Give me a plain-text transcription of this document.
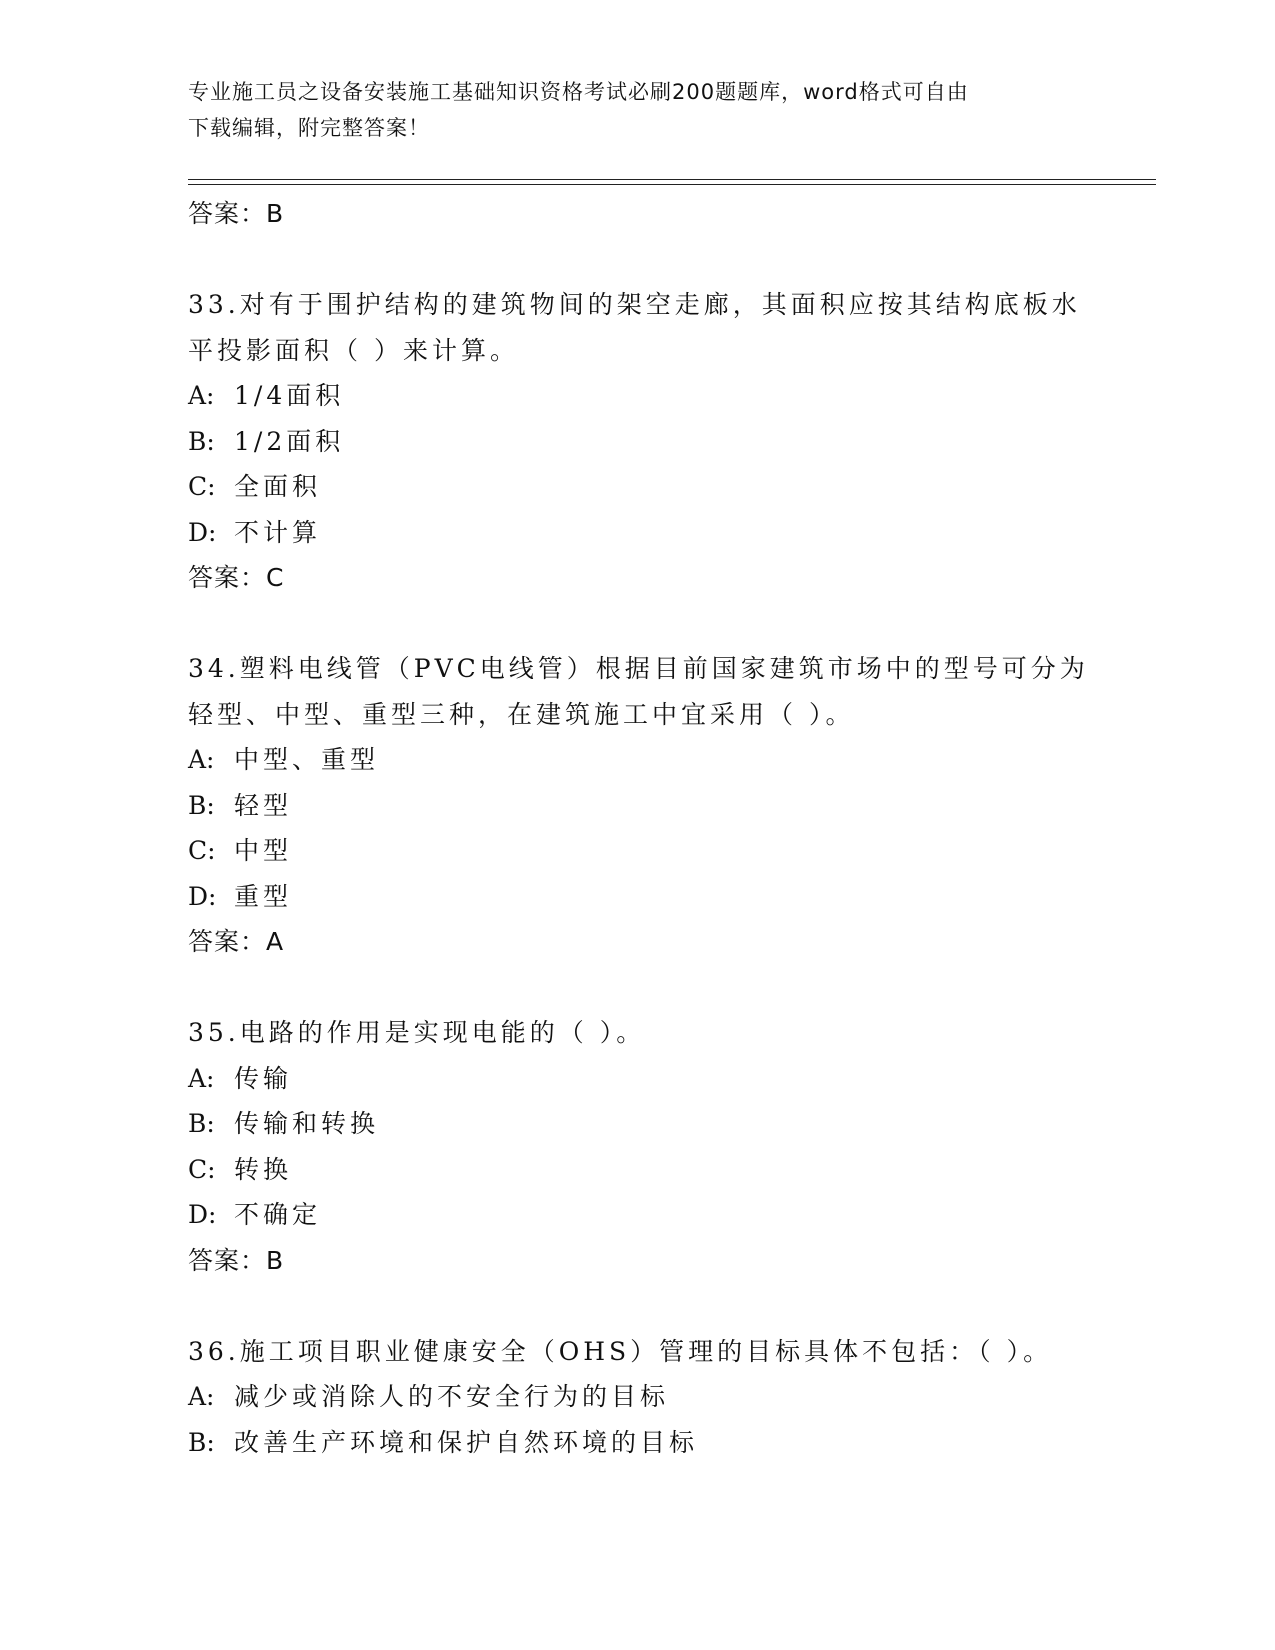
专业施工员之设备安装施工基础知识资格考试必刷200题题库，word格式可自由
下载编辑，附完整答案！
答案：B
33.对有于围护结构的建筑物间的架空走廊，其面积应按其结构底板水平投影面积（ ）来计算。
A: 1/4面积
B: 1/2面积
C: 全面积
D: 不计算
答案：C
34.塑料电线管（PVC电线管）根据目前国家建筑市场中的型号可分为轻型、中型、重型三种，在建筑施工中宜采用（ ）。
A: 中型、重型
B: 轻型
C: 中型
D: 重型
答案：A
35.电路的作用是实现电能的（ ）。
A: 传输
B: 传输和转换
C: 转换
D: 不确定
答案：B
36.施工项目职业健康安全（OHS）管理的目标具体不包括：（ ）。
A: 减少或消除人的不安全行为的目标
B: 改善生产环境和保护自然环境的目标
